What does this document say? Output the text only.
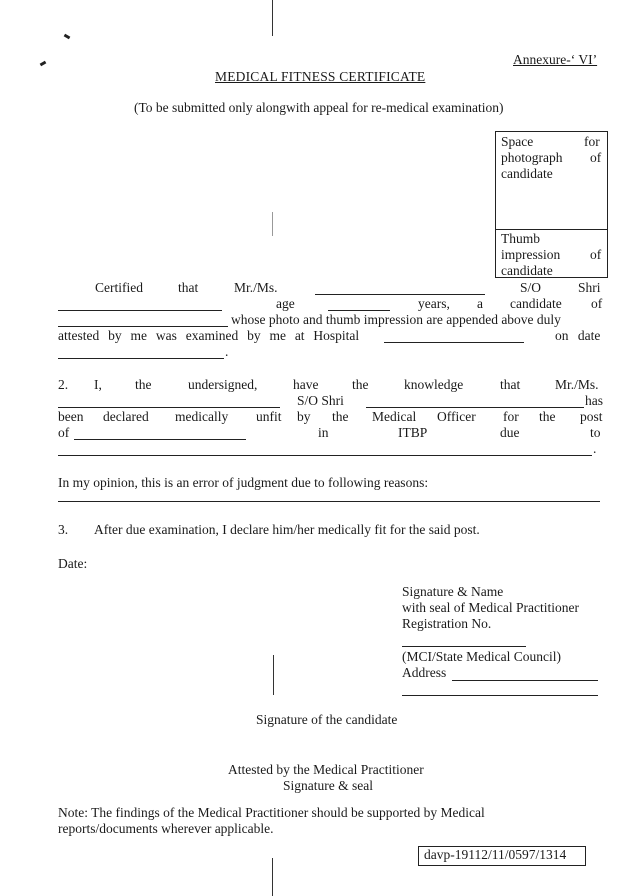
Annexure-‘ VI’
MEDICAL FITNESS CERTIFICATE
(To be submitted only alongwith appeal for re-medical examination)
Space	for
photograph of
candidate
Thumb
impression of
candidate
Certified	that	Mr./Ms.	S/O	Shri
age	years, a candidate of
whose photo and thumb impression are appended above duly
attested by me was examined by me at Hospital	on date
.
2. I, the	undersigned,	have the	knowledge	that	Mr./Ms.
S/O Shri	has
been declared medically unfit by the Medical Officer for the post
of	in	ITBP	due	to
.
In my opinion, this is an error of judgment due to following reasons:
3. After due examination, I declare him/her medically fit for the said post.
Date:
Signature & Name
with seal of Medical Practitioner
Registration No.
(MCI/State Medical Council)
Address
Signature of the candidate
Attested by the Medical Practitioner
Signature & seal
Note: The findings of the Medical Practitioner should be supported by Medical
reports/documents wherever applicable.
davp-19112/11/0597/1314
